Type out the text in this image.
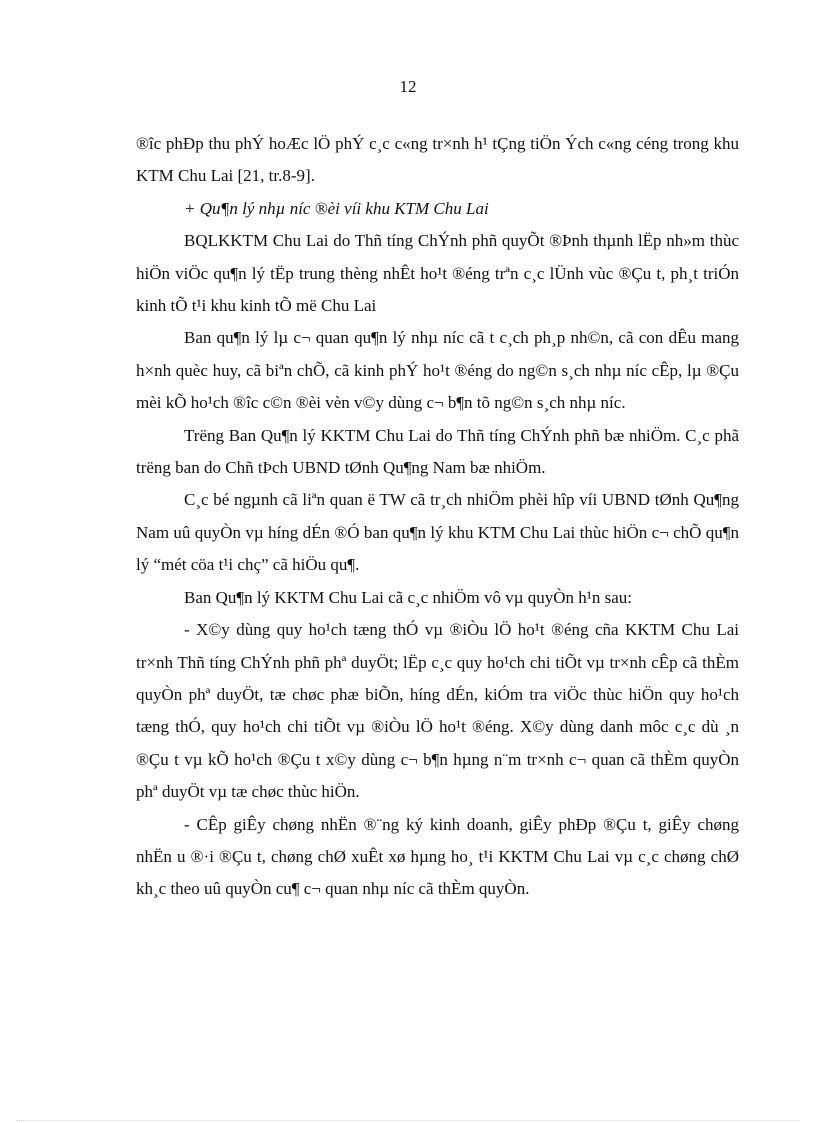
12

®îc phÐp thu phÝ hoÆc lÖ phÝ c¸c c«ng tr×nh h¹ tÇng tiÖn Ých c«ng céng trong khu KTM Chu Lai [21, tr.8-9].

+ Qu¶n lý nhµ níc ®èi víi khu KTM Chu Lai

BQLKKTM Chu Lai do Thñ tíng ChÝnh phñ quyÕt ®Þnh thµnh lËp nh»m thùc hiÖn viÖc qu¶n lý tËp trung thèng nhÊt ho¹t ®éng trªn c¸c lÜnh vùc ®Çu t, ph¸t triÓn kinh tÕ t¹i khu kinh tÕ më Chu Lai

Ban qu¶n lý lµ c¬ quan qu¶n lý nhµ níc cã t c¸ch ph¸p nh©n, cã con dÊu mang h×nh quèc huy, cã biªn chÕ, cã kinh phÝ ho¹t ®éng do ng©n s¸ch nhµ níc cÊp, lµ ®Çu mèi kÕ ho¹ch ®îc c©n ®èi vèn v©y dùng c¬ b¶n tõ ng©n s¸ch nhµ níc.

Trëng Ban Qu¶n lý KKTM Chu Lai do Thñ tíng ChÝnh phñ bæ nhiÖm. C¸c phã trëng ban do Chñ tÞch UBND tØnh Qu¶ng Nam bæ nhiÖm.

C¸c bé ngµnh cã liªn quan ë TW cã tr¸ch nhiÖm phèi hîp víi UBND tØnh Qu¶ng Nam uû quyÒn vµ híng dÉn ®Ó ban qu¶n lý khu KTM Chu Lai thùc hiÖn c¬ chÕ qu¶n lý “mét cöa t¹i chç” cã hiÖu qu¶.

Ban Qu¶n lý KKTM Chu Lai cã c¸c nhiÖm vô vµ quyÒn h¹n sau:

- X©y dùng quy ho¹ch tæng thÓ vµ ®iÒu lÖ ho¹t ®éng cña KKTM Chu Lai tr×nh Thñ tíng ChÝnh phñ phª duyÖt; lËp c¸c quy ho¹ch chi tiÕt vµ tr×nh cÊp cã thÈm quyÒn phª duyÖt, tæ chøc phæ biÕn, híng dÉn, kiÓm tra viÖc thùc hiÖn quy ho¹ch tæng thÓ, quy ho¹ch chi tiÕt vµ ®iÒu lÖ ho¹t ®éng. X©y dùng danh môc c¸c dù ¸n ®Çu t vµ kÕ ho¹ch ®Çu t x©y dùng c¬ b¶n hµng n¨m tr×nh c¬ quan cã thÈm quyÒn phª duyÖt vµ tæ chøc thùc hiÖn.

- CÊp giÊy chøng nhËn ®¨ng ký kinh doanh, giÊy phÐp ®Çu t, giÊy chøng nhËn u ®·i ®Çu t, chøng chØ xuÊt xø hµng ho¸ t¹i KKTM Chu Lai vµ c¸c chøng chØ kh¸c theo uû quyÒn cu¶ c¬ quan nhµ níc cã thÈm quyÒn.
